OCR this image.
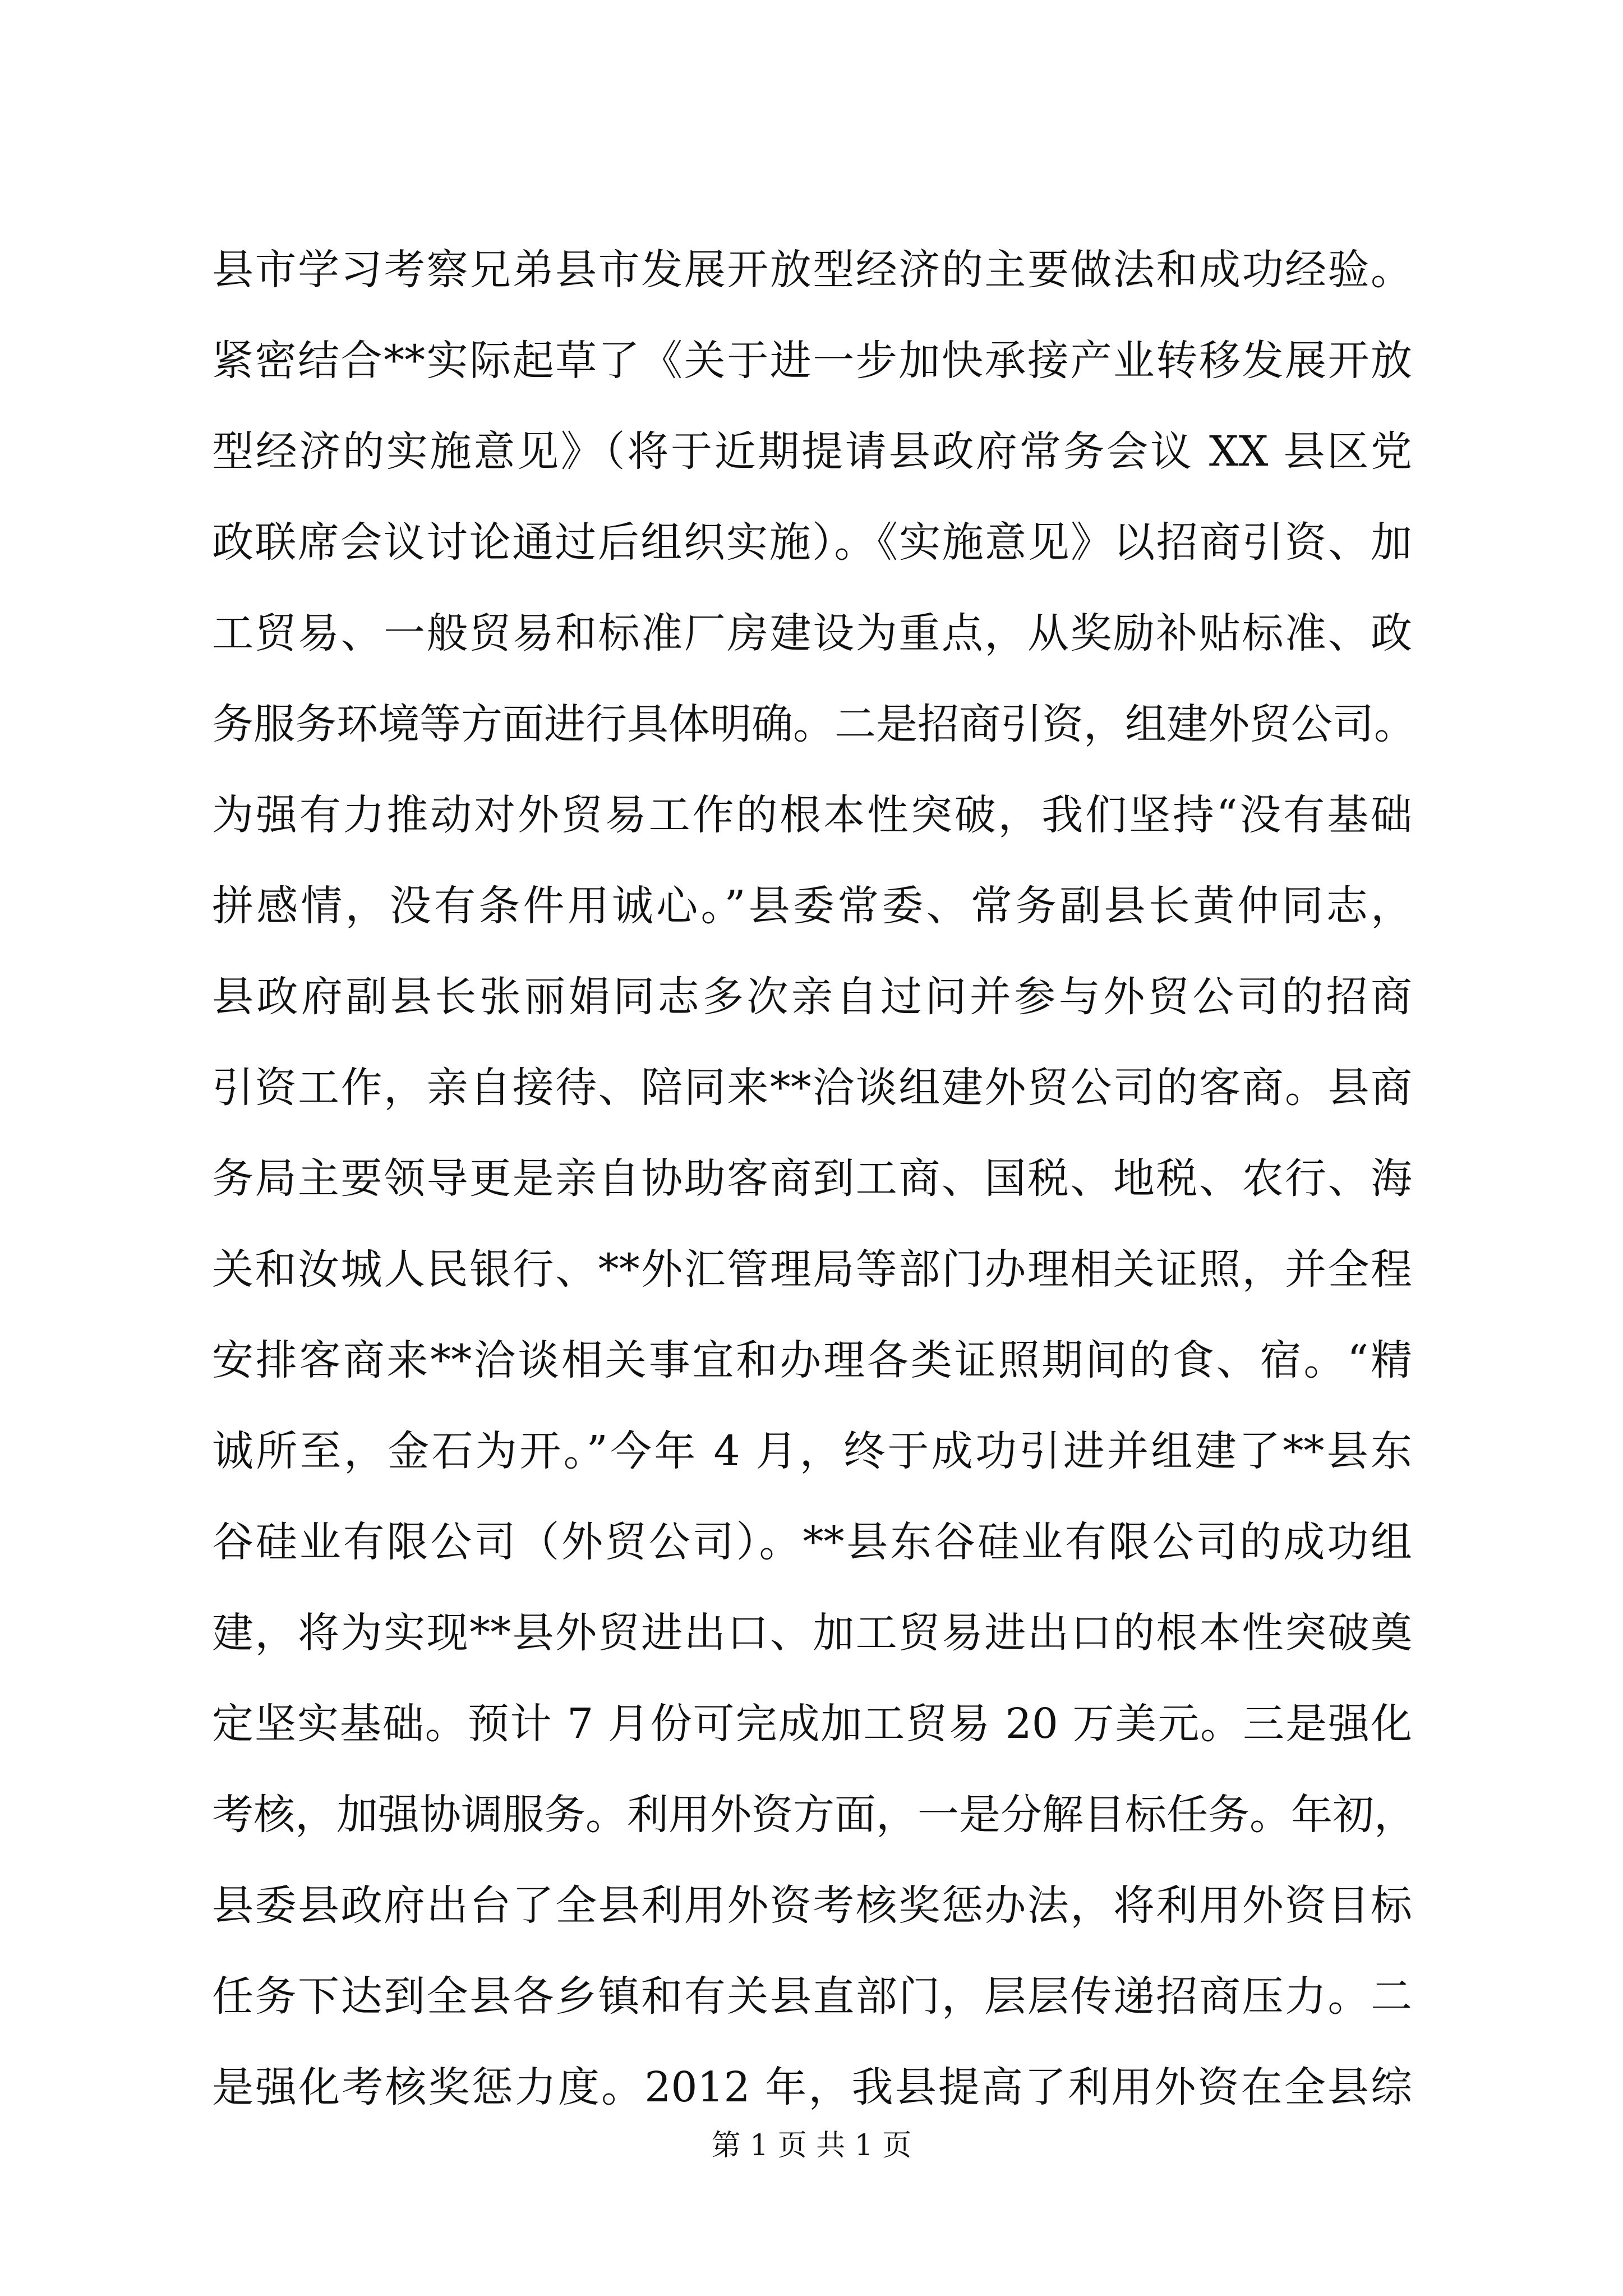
县市学习考察兄弟县市发展开放型经济的主要做法和成功经验。
紧密结合**实际起草了《关于进一步加快承接产业转移发展开放
型经济的实施意见》（将于近期提请县政府常务会议 XX 县区党
政联席会议讨论通过后组织实施）。《实施意见》以招商引资、加
工贸易、一般贸易和标准厂房建设为重点，从奖励补贴标准、政
务服务环境等方面进行具体明确。二是招商引资，组建外贸公司。
为强有力推动对外贸易工作的根本性突破，我们坚持“没有基础
拼感情，没有条件用诚心。”县委常委、常务副县长黄仲同志，
县政府副县长张丽娟同志多次亲自过问并参与外贸公司的招商
引资工作，亲自接待、陪同来**洽谈组建外贸公司的客商。县商
务局主要领导更是亲自协助客商到工商、国税、地税、农行、海
关和汝城人民银行、**外汇管理局等部门办理相关证照，并全程
安排客商来**洽谈相关事宜和办理各类证照期间的食、宿。“精
诚所至，金石为开。”今年 4 月，终于成功引进并组建了**县东
谷硅业有限公司（外贸公司）。**县东谷硅业有限公司的成功组
建，将为实现**县外贸进出口、加工贸易进出口的根本性突破奠
定坚实基础。预计 7 月份可完成加工贸易 20 万美元。三是强化
考核，加强协调服务。利用外资方面，一是分解目标任务。年初，
县委县政府出台了全县利用外资考核奖惩办法，将利用外资目标
任务下达到全县各乡镇和有关县直部门，层层传递招商压力。二
是强化考核奖惩力度。2012 年，我县提高了利用外资在全县综
第 1 页 共 1 页
